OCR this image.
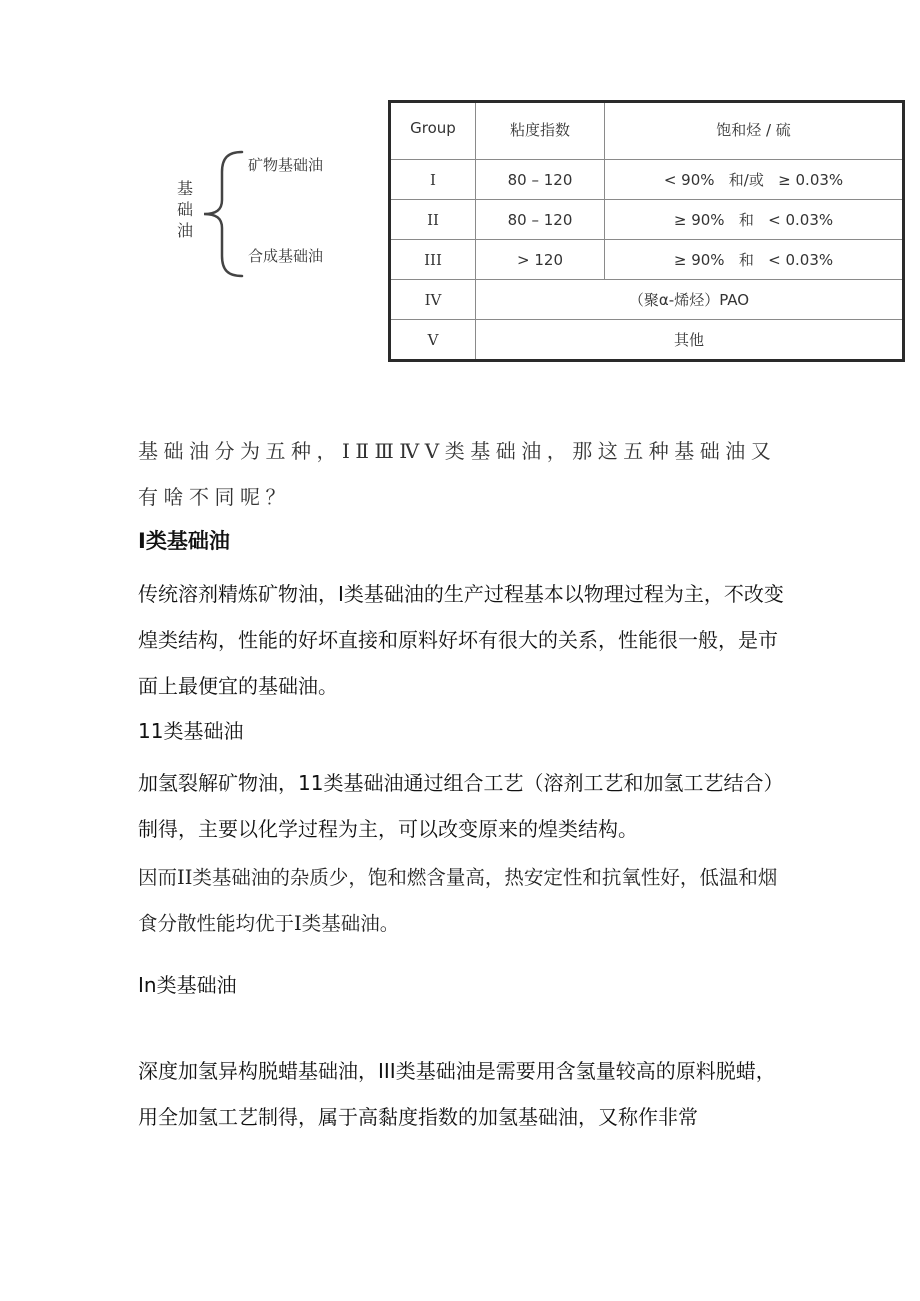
基础油
矿物基础油
合成基础油
Group	粘度指数	饱和烃 / 硫
I	80 – 120	< 90%   和/或   ≥ 0.03%
II	80 – 120	≥ 90%   和   < 0.03%
III	> 120	≥ 90%   和   < 0.03%
IV	（聚α-烯烃）PAO	
V	其他	

基础油分为五种，ⅠⅡⅢⅣⅤ类基础油，那这五种基础油又有啥不同呢？

Ⅰ类基础油

传统溶剂精炼矿物油，I类基础油的生产过程基本以物理过程为主，不改变煌类结构，性能的好坏直接和原料好坏有很大的关系，性能很一般，是市面上最便宜的基础油。

11类基础油

加氢裂解矿物油，11类基础油通过组合工艺（溶剂工艺和加氢工艺结合）制得，主要以化学过程为主，可以改变原来的煌类结构。

因而II类基础油的杂质少，饱和燃含量高，热安定性和抗氧性好，低温和烟食分散性能均优于I类基础油。

In类基础油

深度加氢异构脱蜡基础油，III类基础油是需要用含氢量较高的原料脱蜡，用全加氢工艺制得，属于高黏度指数的加氢基础油，又称作非常
